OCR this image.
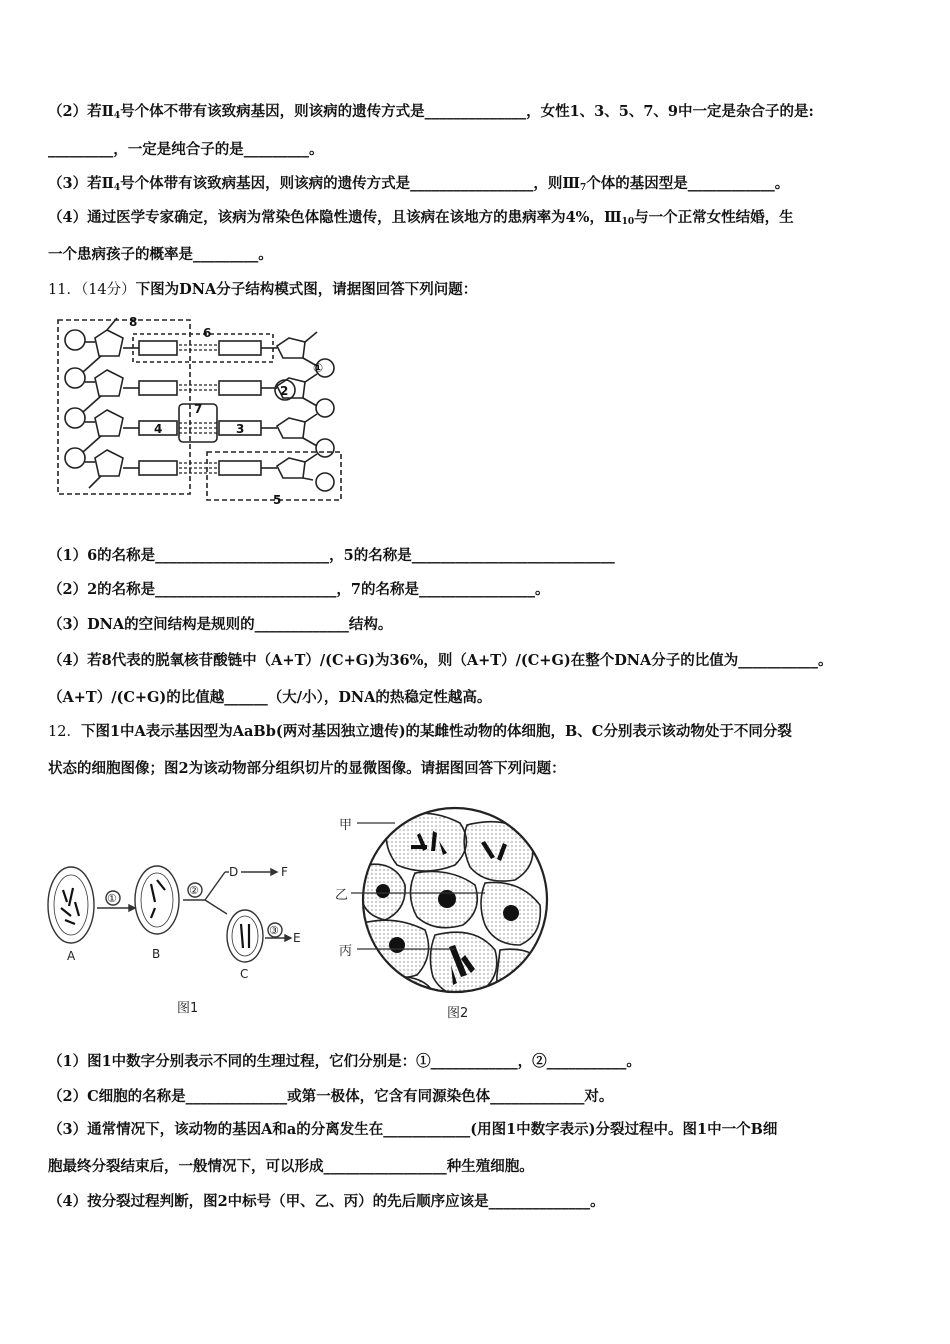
（2）若$Ⅱ_4$号个体不带有该致病基因，则该病的遗传方式是______________，女性1、3、5、7、9中一定是杂合子的是:
_________，一定是纯合子的是_________。
（3）若$Ⅱ_4$号个体带有该致病基因，则该病的遗传方式是_________________，则$Ⅲ_7$个体的基因型是____________。
（4）通过医学专家确定，该病为常染色体隐性遗传，且该病在该地方的患病率为4%，$Ⅲ_{10}$与一个正常女性结婚，生
一个患病孩子的概率是_________。
11．（14分）下图为DNA分子结构模式图，请据图回答下列问题：
8
6
①
2
7
4	3
5
（1）6的名称是________________________，5的名称是____________________________
（2）2的名称是_________________________，7的名称是________________。
（3）DNA的空间结构是规则的_____________结构。
（4）若8代表的脱氧核苷酸链中（A+T）/(C+G)为36%，则（A+T）/(C+G)在整个DNA分子的比值为___________。
（A+T）/(C+G)的比值越______（大/小），DNA的热稳定性越高。
12．下图1中A表示基因型为AaBb(两对基因独立遗传)的某雌性动物的体细胞，B、C分别表示该动物处于不同分裂
状态的细胞图像；图2为该动物部分组织切片的显微图像。请据图回答下列问题：
A	B
C
①
②
③
D	F
E
图1
甲
乙
丙
图2
（1）图1中数字分别表示不同的生理过程，它们分别是：①____________，②___________。
（2）C细胞的名称是______________或第一极体，它含有同源染色体_____________对。
（3）通常情况下，该动物的基因A和a的分离发生在____________(用图1中数字表示)分裂过程中。图1中一个B细
胞最终分裂结束后，一般情况下，可以形成_________________种生殖细胞。
（4）按分裂过程判断，图2中标号（甲、乙、丙）的先后顺序应该是______________。
